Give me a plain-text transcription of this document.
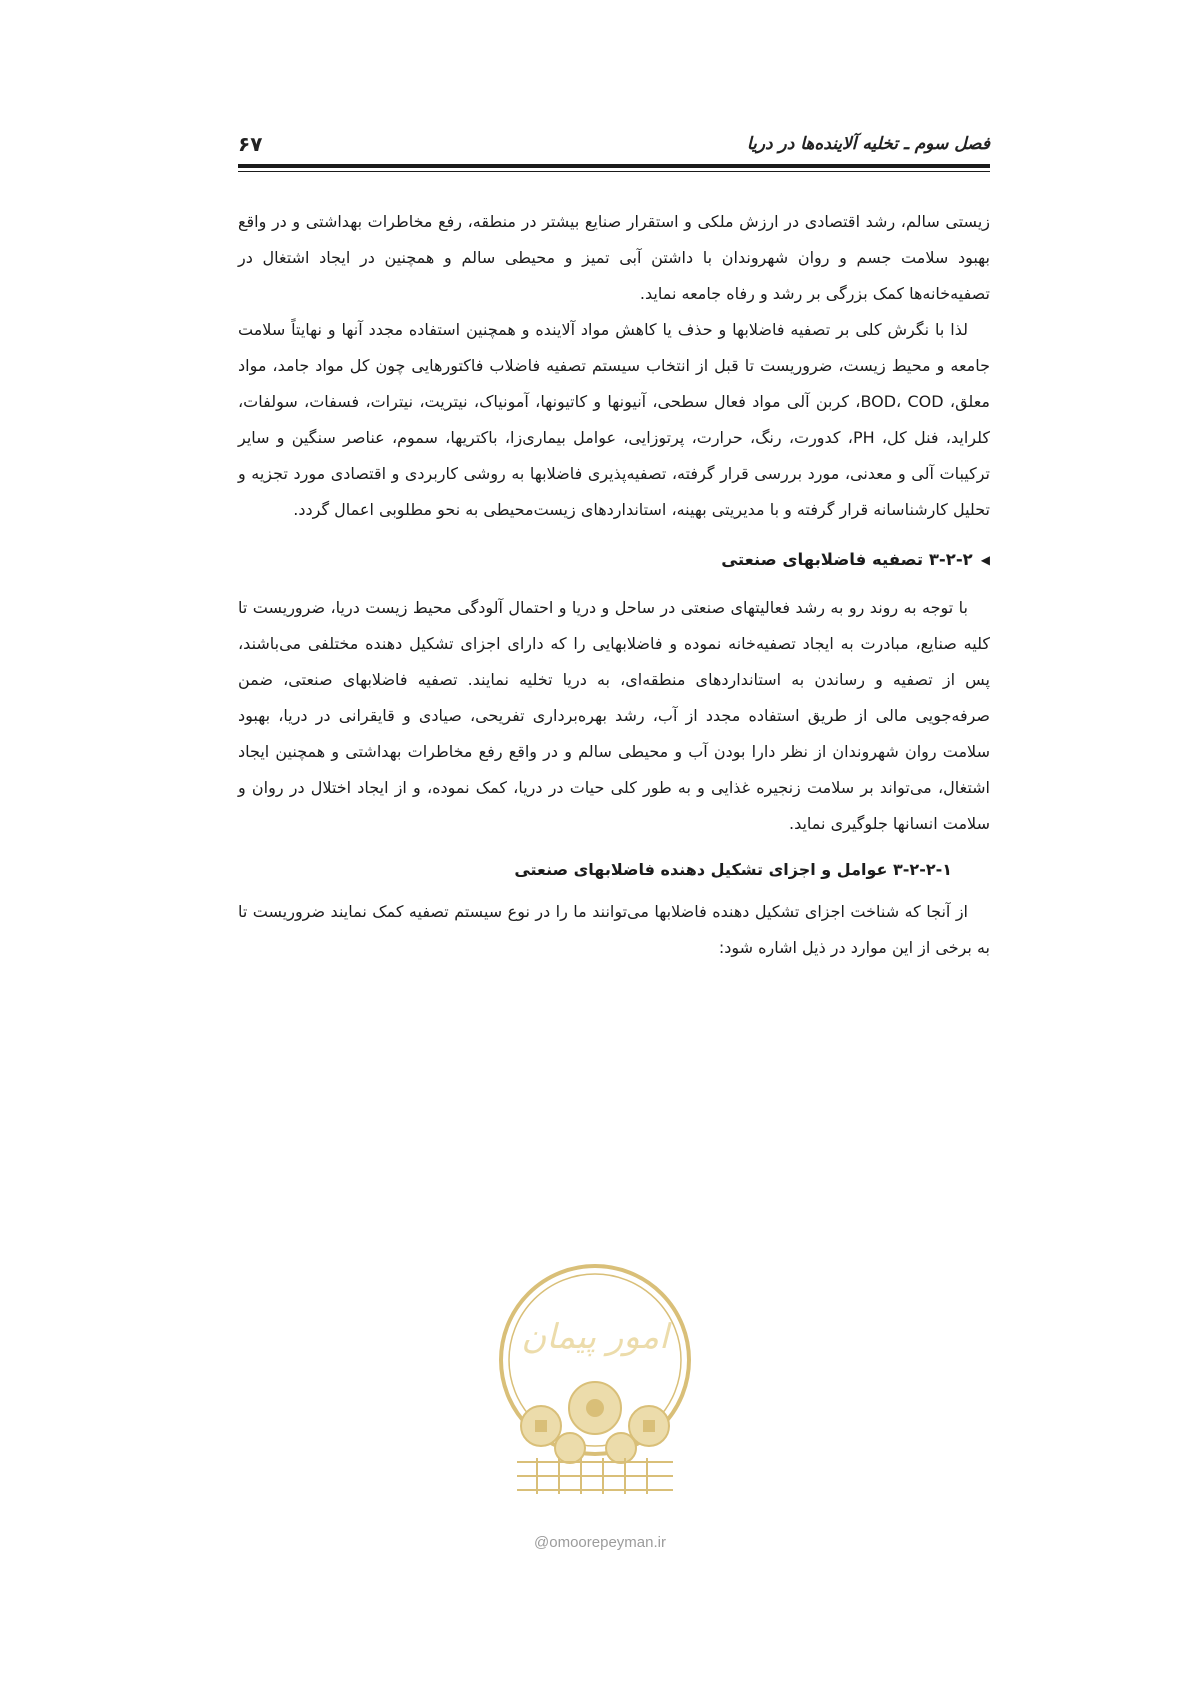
فصل سوم ـ تخلیه آلاینده‌ها در دریا
۶۷

زیستی سالم، رشد اقتصادی در ارزش ملکی و استقرار صنایع بیشتر در منطقه، رفع مخاطرات بهداشتی و در واقع بهبود سلامت جسم و روان شهروندان با داشتن آبی تمیز و محیطی سالم و همچنین در ایجاد اشتغال در تصفیه‌خانه‌ها کمک بزرگی بر رشد و رفاه جامعه نماید.

لذا با نگرش کلی بر تصفیه فاضلابها و حذف یا کاهش مواد آلاینده و همچنین استفاده مجدد آنها و نهایتاً سلامت جامعه و محیط زیست، ضروریست تا قبل از انتخاب سیستم تصفیه فاضلاب فاکتورهایی چون کل مواد جامد، مواد معلق، BOD، COD، کربن آلی مواد فعال سطحی، آنیونها و کاتیونها، آمونیاک، نیتریت، نیترات، فسفات، سولفات، کلراید، فنل کل، PH، کدورت، رنگ، حرارت، پرتوزایی، عوامل بیماری‌زا، باکتریها، سموم، عناصر سنگین و سایر ترکیبات آلی و معدنی، مورد بررسی قرار گرفته، تصفیه‌پذیری فاضلابها به روشی کاربردی و اقتصادی مورد تجزیه و تحلیل کارشناسانه قرار گرفته و با مدیریتی بهینه، استانداردهای زیست‌محیطی به نحو مطلوبی اعمال گردد.

◀۳-۲-۲ تصفیه فاضلابهای صنعتی

با توجه به روند رو به رشد فعالیتهای صنعتی در ساحل و دریا و احتمال آلودگی محیط زیست دریا، ضروریست تا کلیه صنایع، مبادرت به ایجاد تصفیه‌خانه نموده و فاضلابهایی را که دارای اجزای تشکیل دهنده مختلفی می‌باشند، پس از تصفیه و رساندن به استانداردهای منطقه‌ای، به دریا تخلیه نمایند. تصفیه فاضلابهای صنعتی، ضمن صرفه‌جویی مالی از طریق استفاده مجدد از آب، رشد بهره‌برداری تفریحی، صیادی و قایقرانی در دریا، بهبود سلامت روان شهروندان از نظر دارا بودن آب و محیطی سالم و در واقع رفع مخاطرات بهداشتی و همچنین ایجاد اشتغال، می‌تواند بر سلامت زنجیره غذایی و به طور کلی حیات در دریا، کمک نموده، و از ایجاد اختلال در روان و سلامت انسانها جلوگیری نماید.

۳-۲-۲-۱ عوامل و اجزای تشکیل دهنده فاضلابهای صنعتی

از آنجا که شناخت اجزای تشکیل دهنده فاضلابها می‌توانند ما را در نوع سیستم تصفیه کمک نمایند ضروریست تا به برخی از این موارد در ذیل اشاره شود:

امور پیمان
@omoorepeyman.ir
